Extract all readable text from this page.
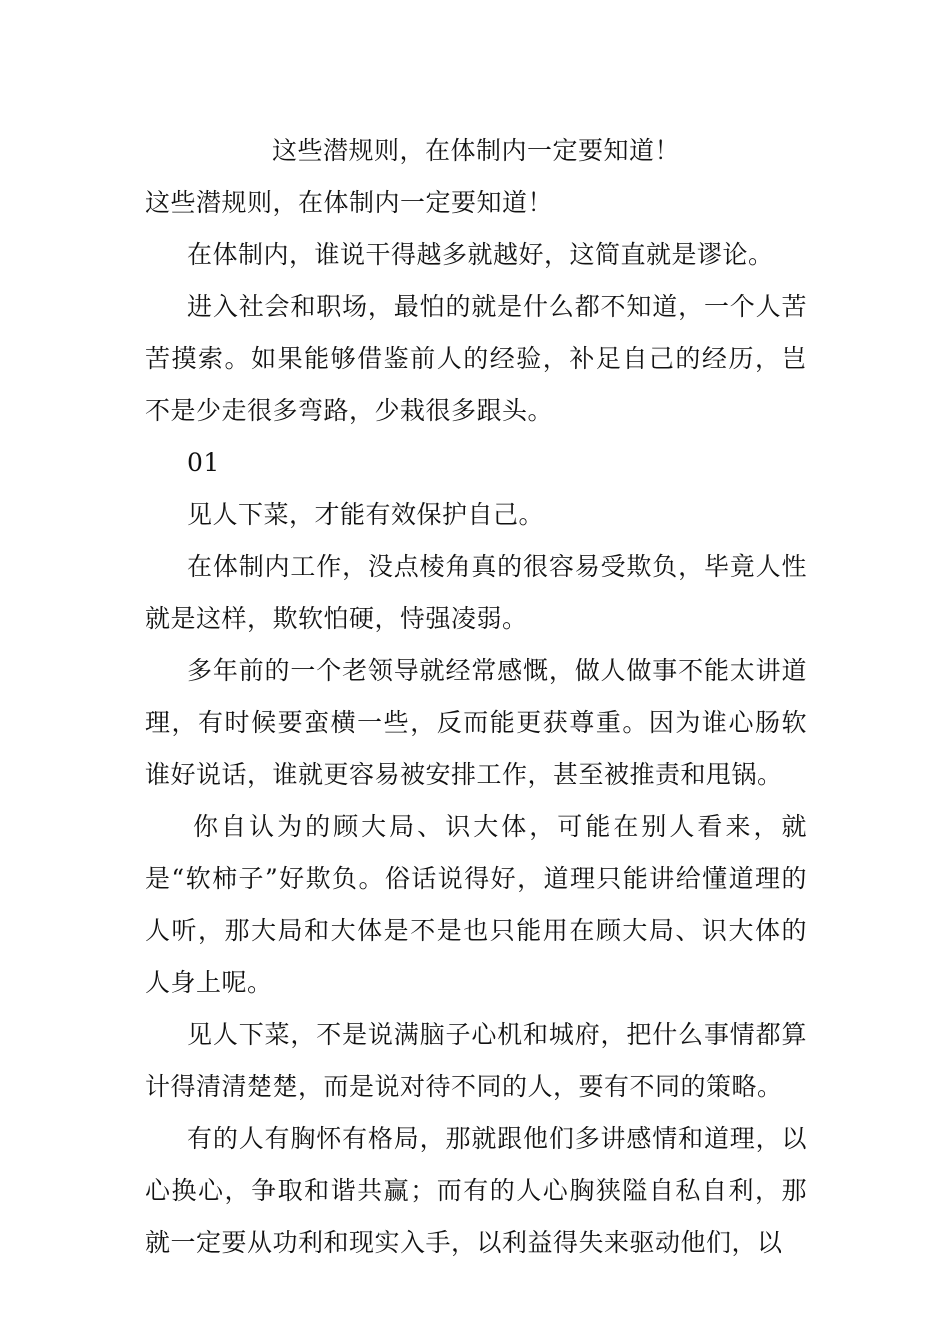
这些潜规则，在体制内一定要知道！

这些潜规则，在体制内一定要知道！

在体制内，谁说干得越多就越好，这简直就是谬论。

进入社会和职场，最怕的就是什么都不知道，一个人苦苦摸索。如果能够借鉴前人的经验，补足自己的经历，岂不是少走很多弯路，少栽很多跟头。

01

见人下菜，才能有效保护自己。

在体制内工作，没点棱角真的很容易受欺负，毕竟人性就是这样，欺软怕硬，恃强凌弱。

多年前的一个老领导就经常感慨，做人做事不能太讲道理，有时候要蛮横一些，反而能更获尊重。因为谁心肠软谁好说话，谁就更容易被安排工作，甚至被推责和甩锅。

你自认为的顾大局、识大体，可能在别人看来，就是“软柿子”好欺负。俗话说得好，道理只能讲给懂道理的人听，那大局和大体是不是也只能用在顾大局、识大体的人身上呢。

见人下菜，不是说满脑子心机和城府，把什么事情都算计得清清楚楚，而是说对待不同的人，要有不同的策略。

有的人有胸怀有格局，那就跟他们多讲感情和道理，以心换心，争取和谐共赢；而有的人心胸狭隘自私自利，那就一定要从功利和现实入手，以利益得失来驱动他们，以
